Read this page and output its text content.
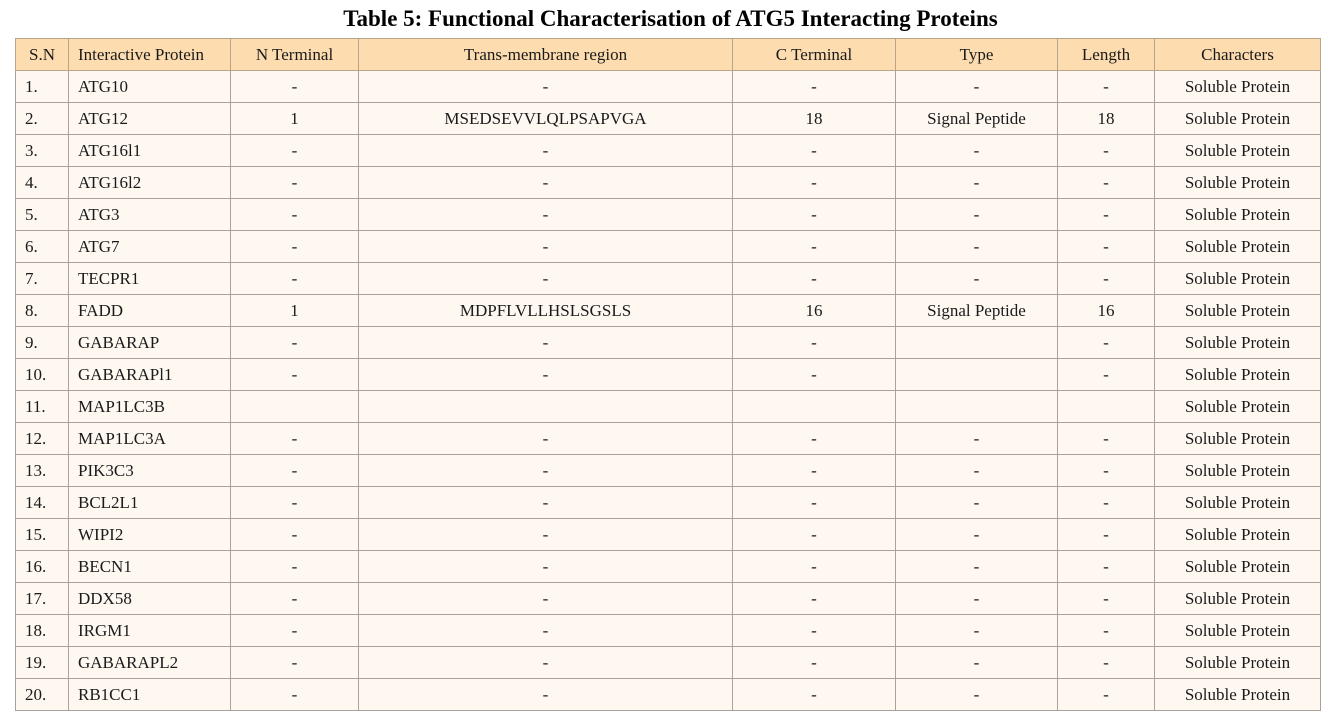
Table 5: Functional Characterisation of ATG5 Interacting Proteins
S.N	Interactive Protein	N Terminal	Trans-membrane region	C Terminal	Type	Length	Characters
1.	ATG10	-	-	-	-	-	Soluble Protein
2.	ATG12	1	MSEDSEVVLQLPSAPVGA	18	Signal Peptide	18	Soluble Protein
3.	ATG16l1	-	-	-	-	-	Soluble Protein
4.	ATG16l2	-	-	-	-	-	Soluble Protein
5.	ATG3	-	-	-	-	-	Soluble Protein
6.	ATG7	-	-	-	-	-	Soluble Protein
7.	TECPR1	-	-	-	-	-	Soluble Protein
8.	FADD	1	MDPFLVLLHSLSGSLS	16	Signal Peptide	16	Soluble Protein
9.	GABARAP	-	-	-		-	Soluble Protein
10.	GABARAPl1	-	-	-		-	Soluble Protein
11.	MAP1LC3B						Soluble Protein
12.	MAP1LC3A	-	-	-	-	-	Soluble Protein
13.	PIK3C3	-	-	-	-	-	Soluble Protein
14.	BCL2L1	-	-	-	-	-	Soluble Protein
15.	WIPI2	-	-	-	-	-	Soluble Protein
16.	BECN1	-	-	-	-	-	Soluble Protein
17.	DDX58	-	-	-	-	-	Soluble Protein
18.	IRGM1	-	-	-	-	-	Soluble Protein
19.	GABARAPL2	-	-	-	-	-	Soluble Protein
20.	RB1CC1	-	-	-	-	-	Soluble Protein
